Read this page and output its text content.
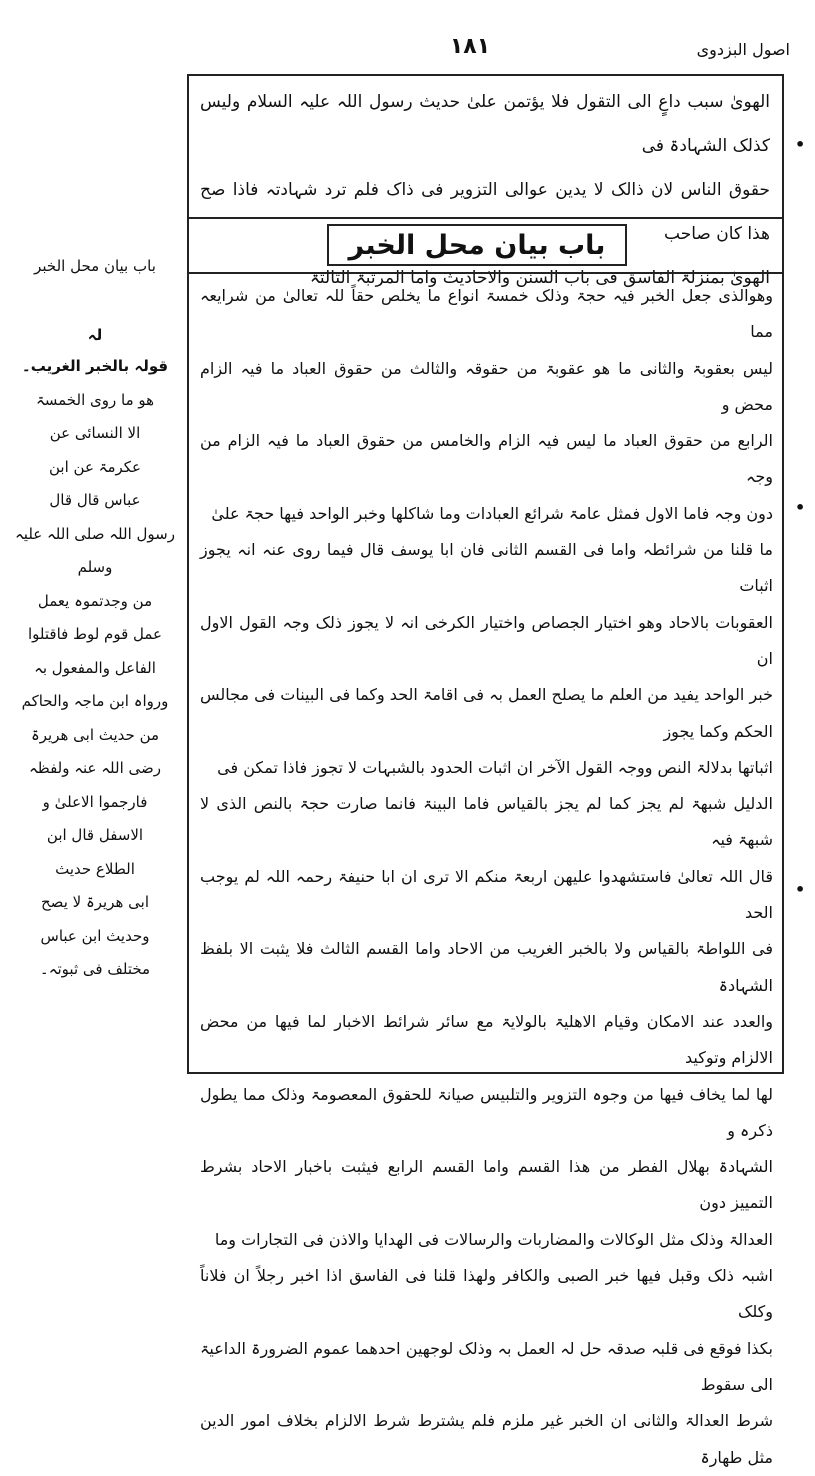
اصول البزدوی
۱۸۱

الھویٰ سبب داعٍ الی التقول فلا یؤتمن علیٰ حدیث رسول اللہ علیہ السلام ولیس کذلک الشہادۃ فی

حقوق الناس لان ذالک لا یدین عوالی التزویر فی ذاک فلم ترد شہادتہ فاذا صح ھذا کان صاحب

الھویٰ بمنزلۃ الفاسق فی باب السنن والاحادیث واما المرتبۃ الثالثۃ

باب بیان محل الخبر

وھوالذی جعل الخبر فیہ حجۃ وذلک خمسۃ انواع ما یخلص حقاً للہ تعالیٰ من شرایعہ مما

لیس بعقوبۃ والثانی ما ھو عقوبۃ من حقوقہ والثالث من حقوق العباد ما فیہ الزام محض و

الرابع من حقوق العباد ما لیس فیہ الزام والخامس من حقوق العباد ما فیہ الزام من وجہ

دون وجہ فاما الاول فمثل عامۃ شرائع العبادات وما شاکلھا وخبر الواحد فیھا حجۃ علیٰ

ما قلنا من شرائطہ واما فی القسم الثانی فان ابا یوسف قال فیما روی عنہ انہ یجوز اثبات

العقوبات بالاحاد وھو اختیار الجصاص واختیار الکرخی انہ لا یجوز ذلک وجہ القول الاول ان

خبر الواحد یفید من العلم ما یصلح العمل بہ فی اقامۃ الحد وکما فی البینات فی مجالس الحکم وکما یجوز

اثباتھا بدلالۃ النص ووجہ القول الآخر ان اثبات الحدود بالشبہات لا تجوز فاذا تمکن فی

الدلیل شبھۃ لم یجز کما لم یجز بالقیاس فاما البینۃ فانما صارت حجۃ بالنص الذی لا شبھۃ فیہ

قال اللہ تعالیٰ فاستشھدوا علیھن اربعۃ منکم الا تری ان ابا حنیفۃ رحمہ اللہ لم یوجب الحد

فی اللواطۃ بالقیاس ولا بالخبر الغریب من الاحاد واما القسم الثالث فلا یثبت الا بلفظ الشہادۃ

والعدد عند الامکان وقیام الاھلیۃ بالولایۃ مع سائر شرائط الاخبار لما فیھا من محض الالزام وتوکید

لھا لما یخاف فیھا من وجوہ التزویر والتلبیس صیانۃ للحقوق المعصومۃ وذلک مما یطول ذکرہ و

الشہادۃ بھلال الفطر من ھذا القسم واما القسم الرابع فیثبت باخبار الاحاد بشرط التمییز دون

العدالۃ وذلک مثل الوکالات والمضاربات والرسالات فی الھدایا والاذن فی التجارات وما

اشبہ ذلک وقبل فیھا خبر الصبی والکافر ولھذا قلنا فی الفاسق اذا اخبر رجلاً ان فلاناً وکلک

بکذا فوقع فی قلبہ صدقہ حل لہ العمل بہ وذلک لوجھین احدھما عموم الضرورۃ الداعیۃ الی سقوط

شرط العدالۃ والثانی ان الخبر غیر ملزم فلم یشترط شرط الالزام بخلاف امور الدین مثل طھارۃ

باب بیان محل الخبر
لہ

قولہ بالخبر الغریب۔

ھو ما روی الخمسۃ

الا النسائی عن

عکرمۃ عن ابن

عباس قال قال

رسول اللہ صلی اللہ علیہ وسلم

من وجدتموہ یعمل

عمل قوم لوط فاقتلوا

الفاعل والمفعول بہ

ورواہ ابن ماجہ والحاکم

من حدیث ابی ھریرۃ

رضی اللہ عنہ ولفظہ

فارجموا الاعلیٰ و

الاسفل قال ابن

الطلاع حدیث

ابی ھریرۃ لا یصح

وحدیث ابن عباس

مختلف فی ثبوتہ۔

•
•
•
